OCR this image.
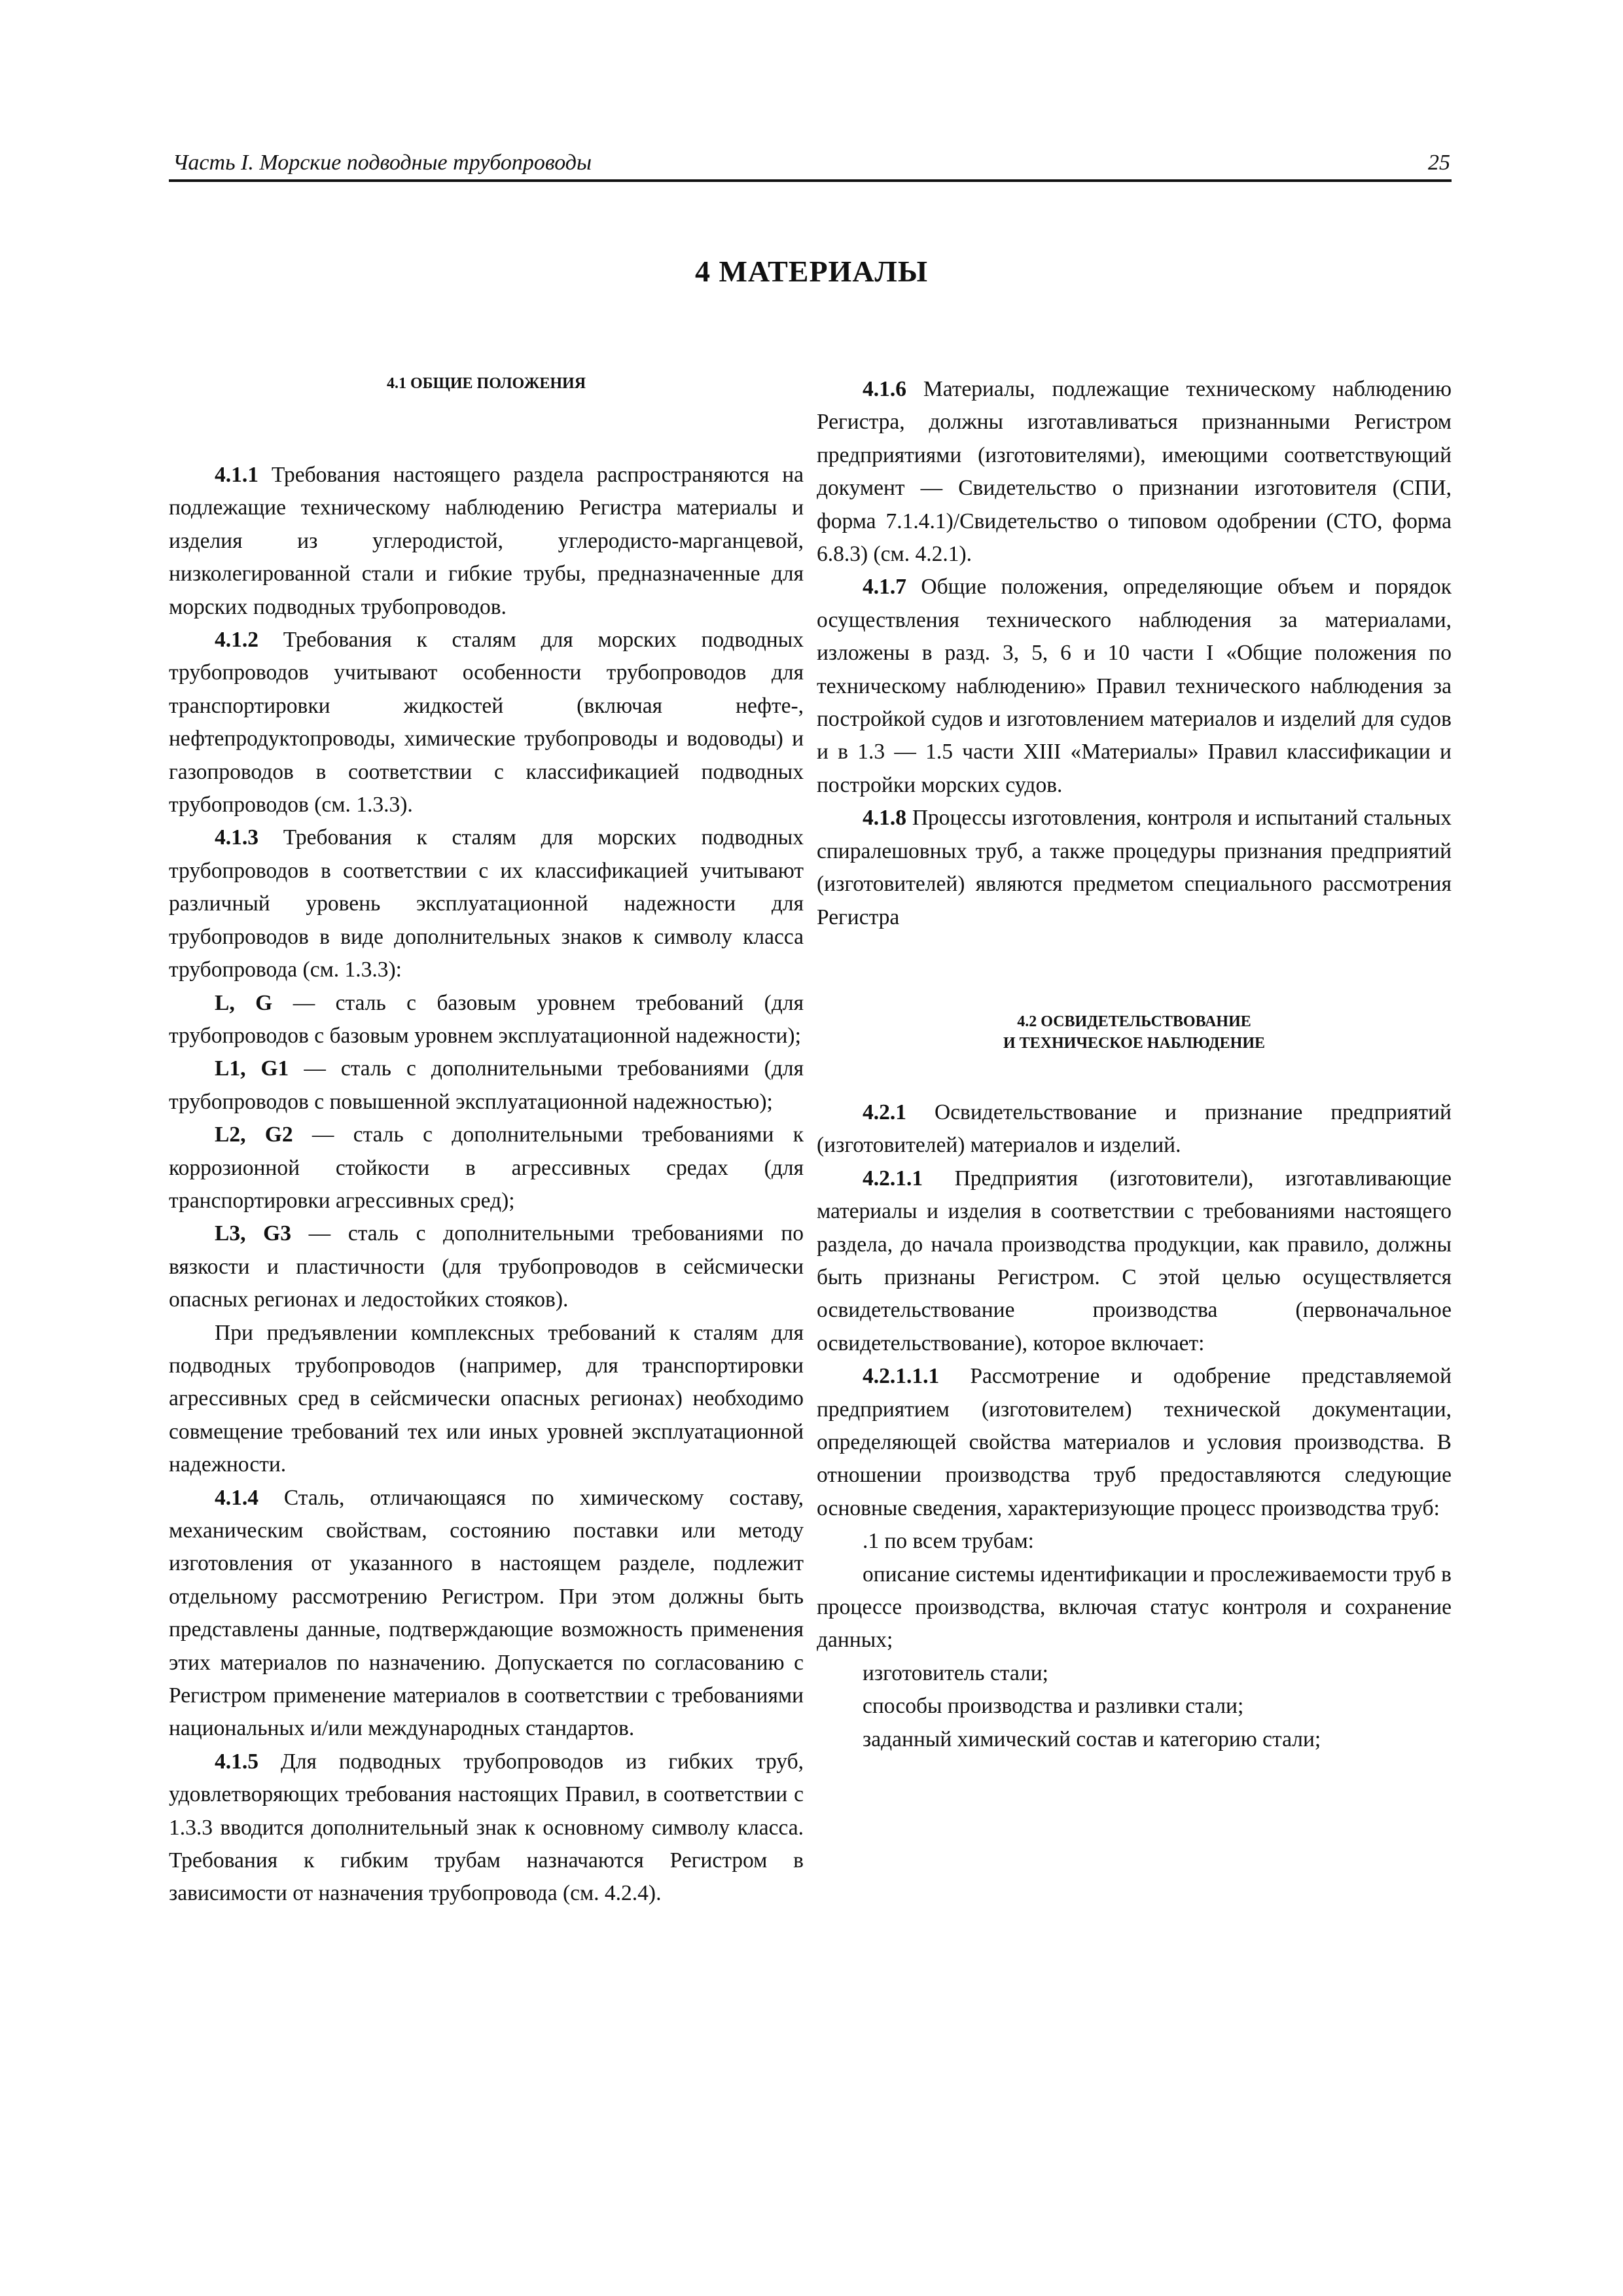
Часть I. Морские подводные трубопроводы	25
4 МАТЕРИАЛЫ
4.1 ОБЩИЕ ПОЛОЖЕНИЯ

4.1.1 Требования настоящего раздела распространяются на подлежащие техническому наблюдению Регистра материалы и изделия из углеродистой, углеродисто-марганцевой, низколегированной стали и гибкие трубы, предназначенные для морских подводных трубопроводов.

4.1.2 Требования к сталям для морских подводных трубопроводов учитывают особенности трубопроводов для транспортировки жидкостей (включая нефте-, нефтепродуктопроводы, химические трубопроводы и водоводы) и газопроводов в соответствии с классификацией подводных трубопроводов (см. 1.3.3).

4.1.3 Требования к сталям для морских подводных трубопроводов в соответствии с их классификацией учитывают различный уровень эксплуатационной надежности для трубопроводов в виде дополнительных знаков к символу класса трубопровода (см. 1.3.3):

L, G — сталь с базовым уровнем требований (для трубопроводов с базовым уровнем эксплуатационной надежности);

L1, G1 — сталь с дополнительными требованиями (для трубопроводов с повышенной эксплуатационной надежностью);

L2, G2 — сталь с дополнительными требованиями к коррозионной стойкости в агрессивных средах (для транспортировки агрессивных сред);

L3, G3 — сталь с дополнительными требованиями по вязкости и пластичности (для трубопроводов в сейсмически опасных регионах и ледостойких стояков).

При предъявлении комплексных требований к сталям для подводных трубопроводов (например, для транспортировки агрессивных сред в сейсмически опасных регионах) необходимо совмещение требований тех или иных уровней эксплуатационной надежности.

4.1.4 Сталь, отличающаяся по химическому составу, механическим свойствам, состоянию поставки или методу изготовления от указанного в настоящем разделе, подлежит отдельному рассмотрению Регистром. При этом должны быть представлены данные, подтверждающие возможность применения этих материалов по назначению. Допускается по согласованию с Регистром применение материалов в соответствии с требованиями национальных и/или международных стандартов.

4.1.5 Для подводных трубопроводов из гибких труб, удовлетворяющих требования настоящих Правил, в соответствии с 1.3.3 вводится дополнительный знак к основному символу класса. Требования к гибким трубам назначаются Регистром в зависимости от назначения трубопровода (см. 4.2.4).

4.1.6 Материалы, подлежащие техническому наблюдению Регистра, должны изготавливаться признанными Регистром предприятиями (изготовителями), имеющими соответствующий документ — Свидетельство о признании изготовителя (СПИ, форма 7.1.4.1)/Свидетельство о типовом одобрении (СТО, форма 6.8.3) (см. 4.2.1).

4.1.7 Общие положения, определяющие объем и порядок осуществления технического наблюдения за материалами, изложены в разд. 3, 5, 6 и 10 части I «Общие положения по техническому наблюдению» Правил технического наблюдения за постройкой судов и изготовлением материалов и изделий для судов и в 1.3 — 1.5 части XIII «Материалы» Правил классификации и постройки морских судов.

4.1.8 Процессы изготовления, контроля и испытаний стальных спиралешовных труб, а также процедуры признания предприятий (изготовителей) являются предметом специального рассмотрения Регистра

4.2 ОСВИДЕТЕЛЬСТВОВАНИЕ
И ТЕХНИЧЕСКОЕ НАБЛЮДЕНИЕ

4.2.1 Освидетельствование и признание предприятий (изготовителей) материалов и изделий.

4.2.1.1 Предприятия (изготовители), изготавливающие материалы и изделия в соответствии с требованиями настоящего раздела, до начала производства продукции, как правило, должны быть признаны Регистром. С этой целью осуществляется освидетельствование производства (первоначальное освидетельствование), которое включает:

4.2.1.1.1 Рассмотрение и одобрение представляемой предприятием (изготовителем) технической документации, определяющей свойства материалов и условия производства. В отношении производства труб предоставляются следующие основные сведения, характеризующие процесс производства труб:

.1 по всем трубам:

описание системы идентификации и прослеживаемости труб в процессе производства, включая статус контроля и сохранение данных;

изготовитель стали;

способы производства и разливки стали;

заданный химический состав и категорию стали;
